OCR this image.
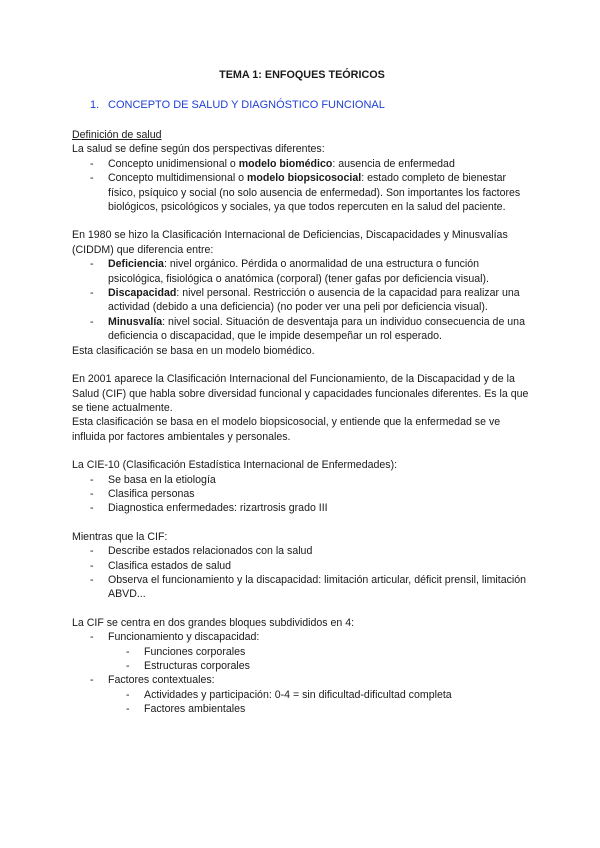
TEMA 1: ENFOQUES TEÓRICOS

1. CONCEPTO DE SALUD Y DIAGNÓSTICO FUNCIONAL

Definición de salud

La salud se define según dos perspectivas diferentes:

- Concepto unidimensional o modelo biomédico: ausencia de enfermedad
- Concepto multidimensional o modelo biopsicosocial: estado completo de bienestar físico, psíquico y social (no solo ausencia de enfermedad). Son importantes los factores biológicos, psicológicos y sociales, ya que todos repercuten en la salud del paciente.

En 1980 se hizo la Clasificación Internacional de Deficiencias, Discapacidades y Minusvalías (CIDDM) que diferencia entre:

- Deficiencia: nivel orgánico. Pérdida o anormalidad de una estructura o función psicológica, fisiológica o anatómica (corporal) (tener gafas por deficiencia visual).
- Discapacidad: nivel personal. Restricción o ausencia de la capacidad para realizar una actividad (debido a una deficiencia) (no poder ver una peli por deficiencia visual).
- Minusvalía: nivel social. Situación de desventaja para un individuo consecuencia de una deficiencia o discapacidad, que le impide desempeñar un rol esperado.

Esta clasificación se basa en un modelo biomédico.

En 2001 aparece la Clasificación Internacional del Funcionamiento, de la Discapacidad y de la Salud (CIF) que habla sobre diversidad funcional y capacidades funcionales diferentes. Es la que se tiene actualmente.

Esta clasificación se basa en el modelo biopsicosocial, y entiende que la enfermedad se ve influida por factores ambientales y personales.

La CIE-10 (Clasificación Estadística Internacional de Enfermedades):

- Se basa en la etiología
- Clasifica personas
- Diagnostica enfermedades: rizartrosis grado III

Mientras que la CIF:

- Describe estados relacionados con la salud
- Clasifica estados de salud
- Observa el funcionamiento y la discapacidad: limitación articular, déficit prensil, limitación ABVD...

La CIF se centra en dos grandes bloques subdivididos en 4:

- Funcionamiento y discapacidad:
- Funciones corporales
- Estructuras corporales
- Factores contextuales:
- Actividades y participación: 0-4 = sin dificultad-dificultad completa
- Factores ambientales
